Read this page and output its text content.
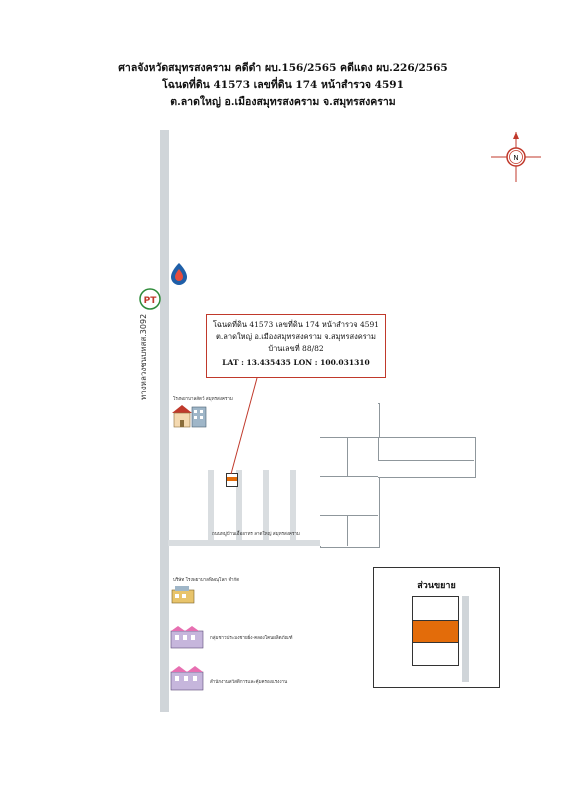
ศาลจังหวัดสมุทรสงคราม คดีดำ ผบ.156/2565 คดีแดง ผบ.226/2565
โฉนดที่ดิน 41573 เลขที่ดิน 174 หน้าสำรวจ 4591
ต.ลาดใหญ่ อ.เมืองสมุทรสงคราม จ.สมุทรสงคราม
N
ทางหลวงชนบทสส.3092
PT
โรงพยาบาลสัตว์ สมุทรสงคราม
ถนนหมู่บ้านเอื้ออาทร ลาดใหญ่ สมุทรสงคราม
โฉนดที่ดิน 41573 เลขที่ดิน 174 หน้าสำรวจ 4591
ต.ลาดใหญ่ อ.เมืองสมุทรสงคราม จ.สมุทรสงคราม
บ้านเลขที่ 88/82
LAT : 13.435435 LON : 100.031310
บริษัท โรงพยาบาลพิษณุโลก จำกัด
กลุ่มชาวประมงชายฝั่ง-คลองโคนผลิตภัณฑ์
สำนักงานสวัสดิการและคุ้มครองแรงงาน
ส่วนขยาย
